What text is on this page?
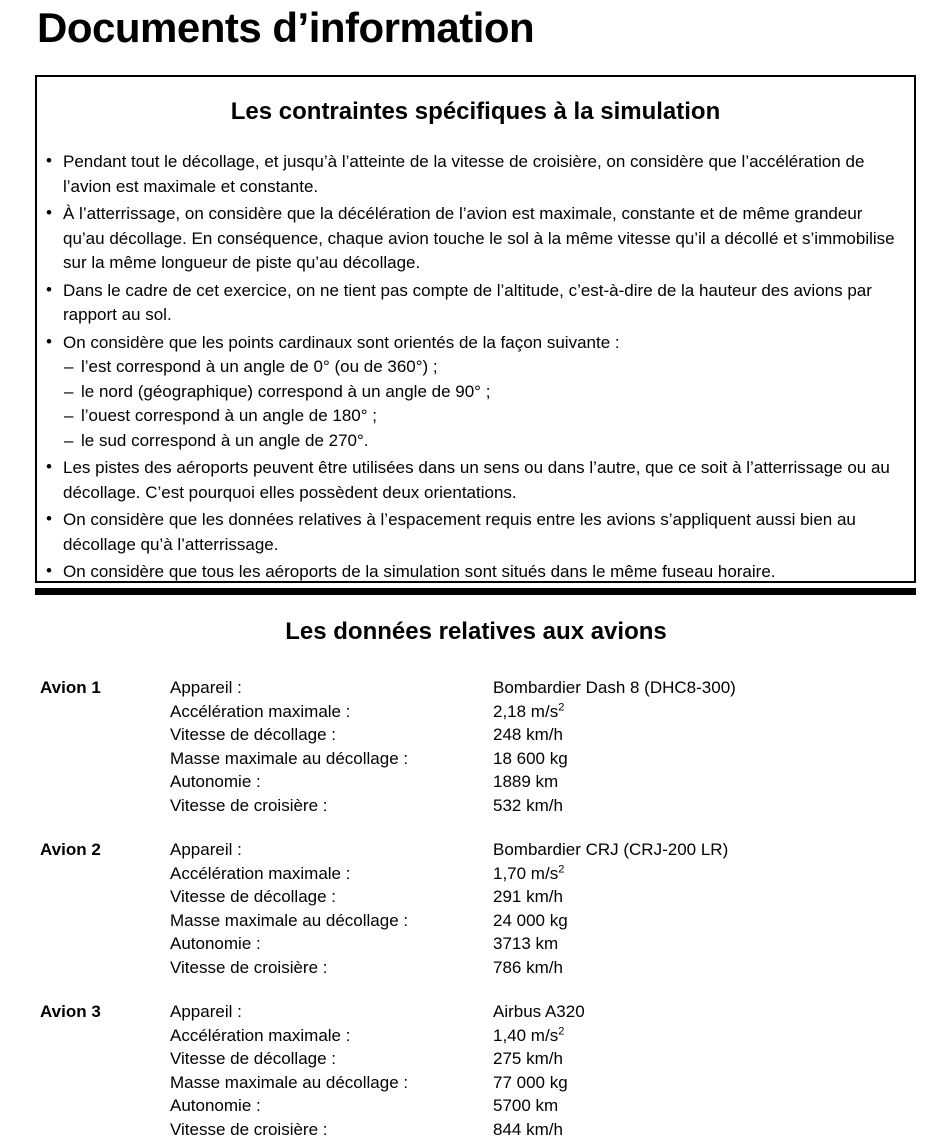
Documents d’information
Les contraintes spécifiques à la simulation
• Pendant tout le décollage, et jusqu’à l’atteinte de la vitesse de croisière, on considère que l’accélération de l’avion est maximale et constante.
• À l’atterrissage, on considère que la décélération de l’avion est maximale, constante et de même grandeur qu’au décollage. En conséquence, chaque avion touche le sol à la même vitesse qu’il a décollé et s’immobilise sur la même longueur de piste qu’au décollage.
• Dans le cadre de cet exercice, on ne tient pas compte de l’altitude, c’est-à-dire de la hauteur des avions par rapport au sol.
• On considère que les points cardinaux sont orientés de la façon suivante :
– l’est correspond à un angle de 0° (ou de 360°) ;
– le nord (géographique) correspond à un angle de 90° ;
– l’ouest correspond à un angle de 180° ;
– le sud correspond à un angle de 270°.
• Les pistes des aéroports peuvent être utilisées dans un sens ou dans l’autre, que ce soit à l’atterrissage ou au décollage. C’est pourquoi elles possèdent deux orientations.
• On considère que les données relatives à l’espacement requis entre les avions s’appliquent aussi bien au décollage qu’à l’atterrissage.
• On considère que tous les aéroports de la simulation sont situés dans le même fuseau horaire.
Les données relatives aux avions
Avion 1	Appareil :	Bombardier Dash 8 (DHC8-300)
Accélération maximale :	2,18 $m/s^2$
Vitesse de décollage :	248 km/h
Masse maximale au décollage :	18 600 kg
Autonomie :	1889 km
Vitesse de croisière :	532 km/h
Avion 2	Appareil :	Bombardier CRJ (CRJ-200 LR)
Accélération maximale :	1,70 $m/s^2$
Vitesse de décollage :	291 km/h
Masse maximale au décollage :	24 000 kg
Autonomie :	3713 km
Vitesse de croisière :	786 km/h
Avion 3	Appareil :	Airbus A320
Accélération maximale :	1,40 $m/s^2$
Vitesse de décollage :	275 km/h
Masse maximale au décollage :	77 000 kg
Autonomie :	5700 km
Vitesse de croisière :	844 km/h
